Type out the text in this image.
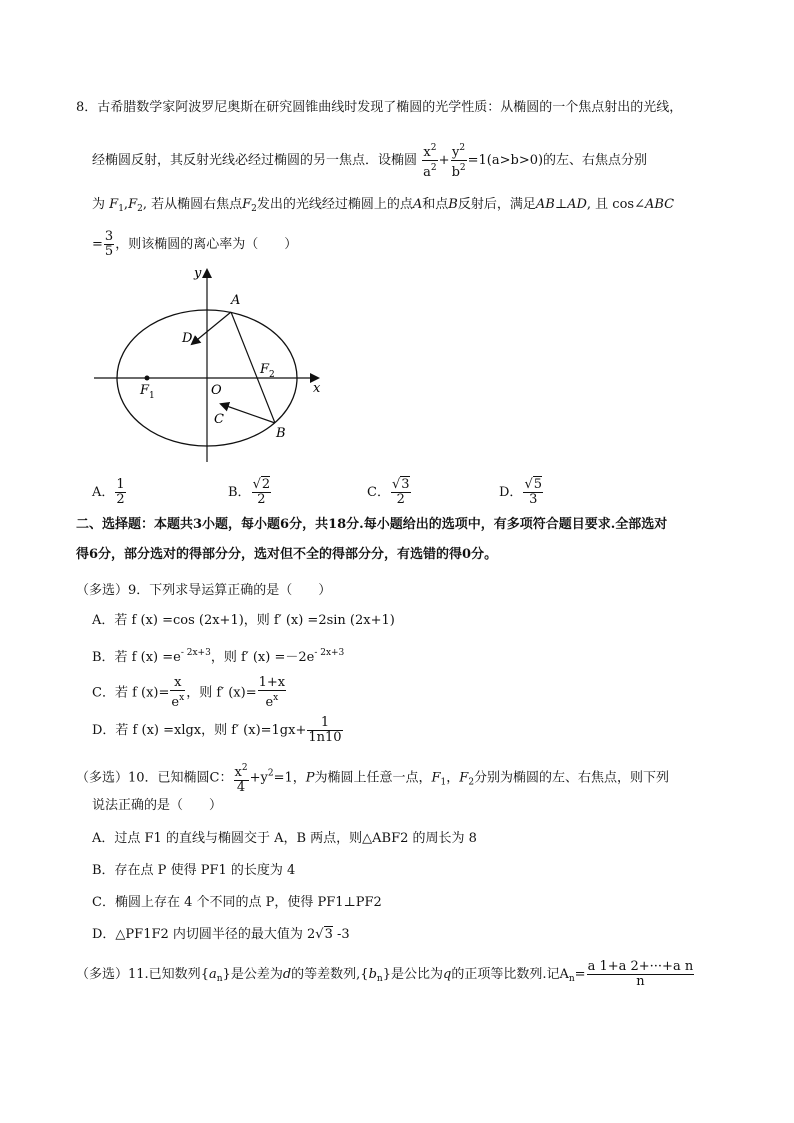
8．古希腊数学家阿波罗尼奥斯在研究圆锥曲线时发现了椭圆的光学性质：从椭圆的一个焦点射出的光线，
经椭圆反射，其反射光线必经过椭圆的另一焦点．设椭圆 $\frac{x^2}{a^2} + \frac{y^2}{b^2} =1(a>b>0)$的左、右焦点分别
为 $F_1,F_2$, 若从椭圆右焦点$F_2$发出的光线经过椭圆上的点A和点B反射后，满足AB⊥AD, 且 cos∠ABC
= $\frac{3}{5}$ ，则该椭圆的离心率为（　　）
y
x
O
A
B
C
D
F 1
F 2
A． $\frac{1}{2}$	B． $\frac{√2}{2}$	C． $\frac{√3}{2}$	D． $\frac{√5}{3}$
二、选择题：本题共3小题，每小题6分，共18分.每小题给出的选项中，有多项符合题目要求.全部选对
得6分，部分选对的得部分分，选对但不全的得部分分，有选错的得0分。
（多选）9．下列求导运算正确的是（　　）
A．若 f (x) =cos (2x+1)，则 f′ (x) =2sin (2x+1)
B．若 f $(x) =e^{- 2x+3}$，则 f′ $(x) =-2e^{- 2x+3}$
C．若 f $(x)= \frac{x}{e^x}$ ，则 f′ $(x)= \frac{1+x}{e^x}$
D．若 f (x) =xlgx，则 f′ $(x)=1gx+ \frac{1}{1n10}$
（多选）10．已知椭圆C： $\frac{x^2}{4} +y^2=1$，P为椭圆上任意一点，$F_1$，$F_2$分别为椭圆的左、右焦点，则下列
说法正确的是（　　）
A．过点 F1 的直线与椭圆交于 A，B 两点，则△ABF2 的周长为 8
B．存在点 P 使得 PF1 的长度为 4
C．椭圆上存在 4 个不同的点 P，使得 PF1⊥PF2
D．△PF1F2 内切圆半径的最大值为 2√3 -3
（多选）11.已知数列$\{a_n\}$是公差为d的等差数列$,\{b_n\}$是公比为q的正项等比数列.记$A_n= \frac{\text{a 1+a 2+···+a n}}{n}$
